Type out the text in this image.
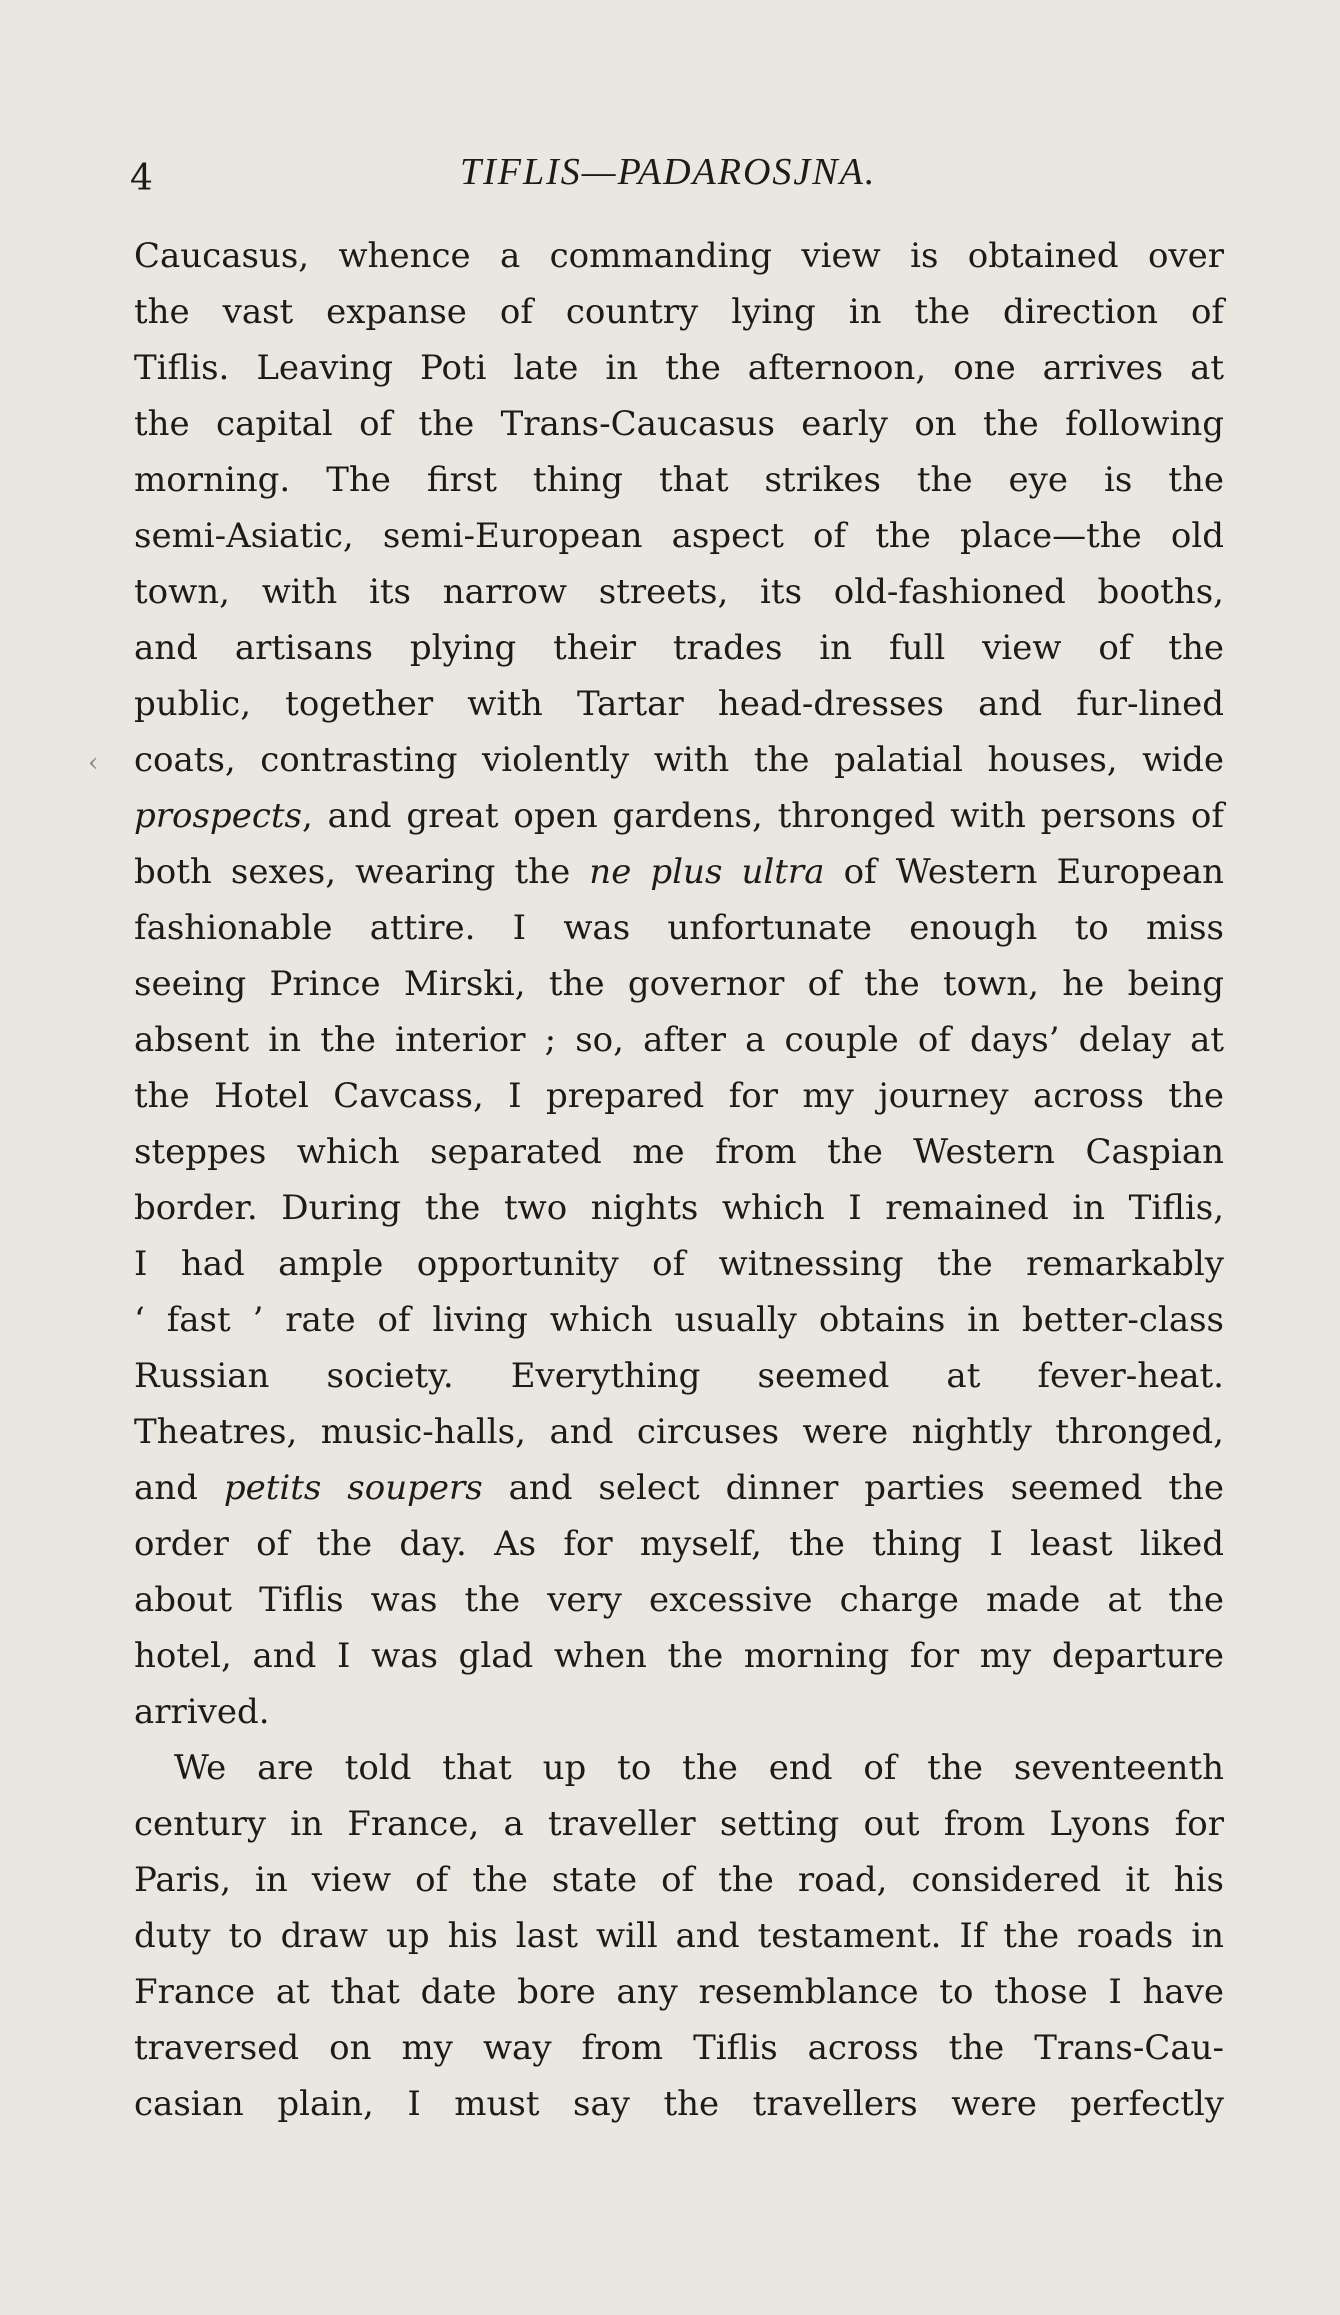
4	TIFLIS—PADAROSJNA.
‹
Caucasus, whence a commanding view is obtained over
the vast expanse of country lying in the direction of
Tiflis. Leaving Poti late in the afternoon, one arrives at
the capital of the Trans-Caucasus early on the following
morning. The first thing that strikes the eye is the
semi-Asiatic, semi-European aspect of the place—the old
town, with its narrow streets, its old-fashioned booths,
and artisans plying their trades in full view of the
public, together with Tartar head-dresses and fur-lined
coats, contrasting violently with the palatial houses, wide
prospects, and great open gardens, thronged with persons of
both sexes, wearing the ne plus ultra of Western European
fashionable attire. I was unfortunate enough to miss
seeing Prince Mirski, the governor of the town, he being
absent in the interior ; so, after a couple of days’ delay at
the Hotel Cavcass, I prepared for my journey across the
steppes which separated me from the Western Caspian
border. During the two nights which I remained in Tiflis,
I had ample opportunity of witnessing the remarkably
‘ fast ’ rate of living which usually obtains in better-class
Russian society. Everything seemed at fever-heat.
Theatres, music-halls, and circuses were nightly thronged,
and petits soupers and select dinner parties seemed the
order of the day. As for myself, the thing I least liked
about Tiflis was the very excessive charge made at the
hotel, and I was glad when the morning for my departure
arrived.
We are told that up to the end of the seventeenth
century in France, a traveller setting out from Lyons for
Paris, in view of the state of the road, considered it his
duty to draw up his last will and testament. If the roads in
France at that date bore any resemblance to those I have
traversed on my way from Tiflis across the Trans-Cau-
casian plain, I must say the travellers were perfectly
